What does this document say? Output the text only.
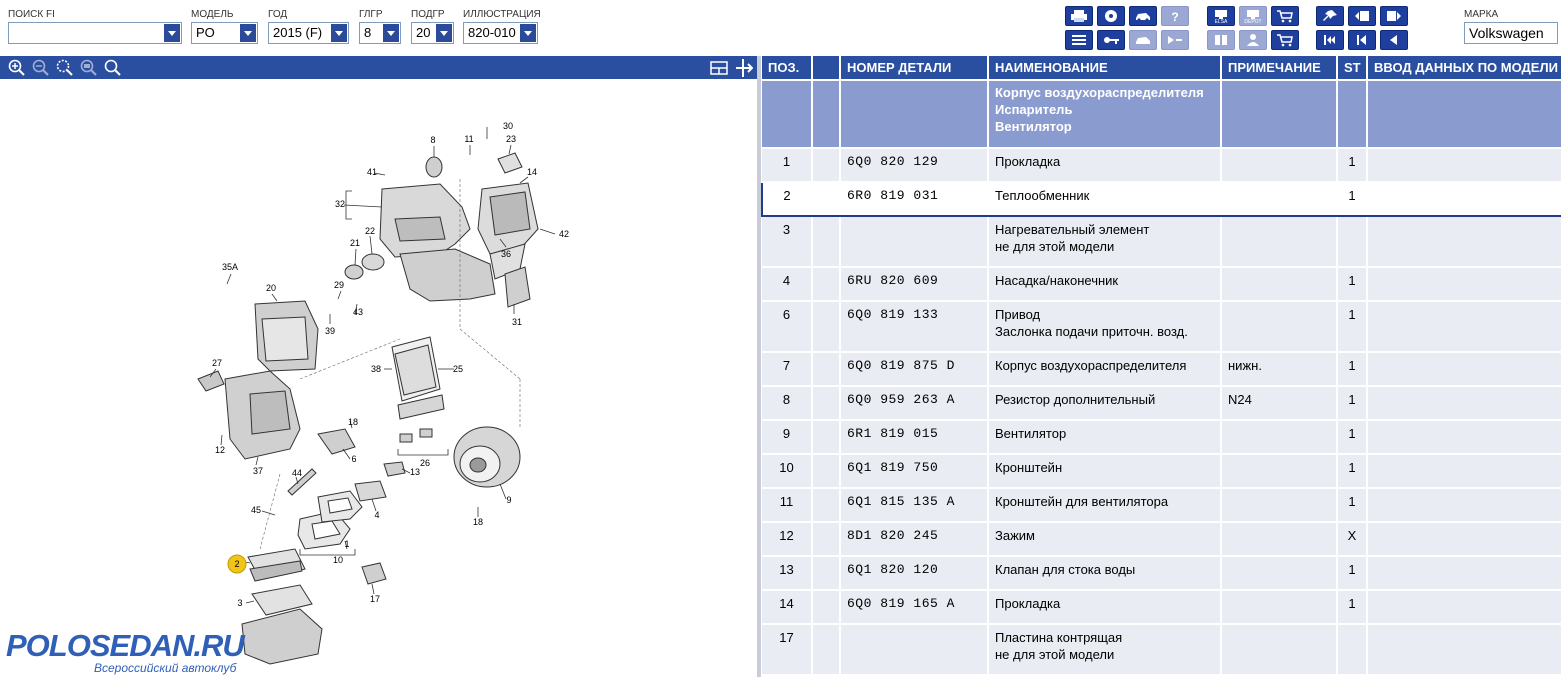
ПОИСК FI	МОДЕЛЬ
PO
ГОД
2015 (F)
ГЛГР
8
ПОДГР
20
ИЛЛЮСТРАЦИЯ
820-010
?	ELSA	DEPOT
МАРКА
Volkswagen
30
8	11	23
14
41
32
42
22
21
36
35A
29
20
43
39
31
27
38	25
18
12
6	26
37	44	13
9
45	4
18
10
1
3	17
2
POLOSEDAN.RU
Всероссийский автоклуб
ПОЗ.		НОМЕР ДЕТАЛИ	НАИМЕНОВАНИЕ	ПРИМЕЧАНИЕ	ST	ВВОД ДАННЫХ ПО МОДЕЛИ

			Корпус воздухораспределителя
Испаритель
Вентилятор			

1		6Q0 820 129	Прокладка		1	
2		6R0 819 031	Теплообменник		1	
3			Нагревательный элемент
не для этой модели			

4		6RU 820 609	Насадка/наконечник		1	
6		6Q0 819 133	Привод
Заслонка подачи приточн. возд.		1	
7		6Q0 819 875 D	Корпус воздухораспределителя	нижн.	1	
8		6Q0 959 263 A	Резистор дополнительный	N24	1	
9		6R1 819 015	Вентилятор		1	
10		6Q1 819 750	Кронштейн		1	
11		6Q1 815 135 A	Кронштейн для вентилятора		1	
12		8D1 820 245	Зажим		X	
13		6Q1 820 120	Клапан для стока воды		1	
14		6Q0 819 165 A	Прокладка		1	
17			Пластина контрящая
не для этой модели			
